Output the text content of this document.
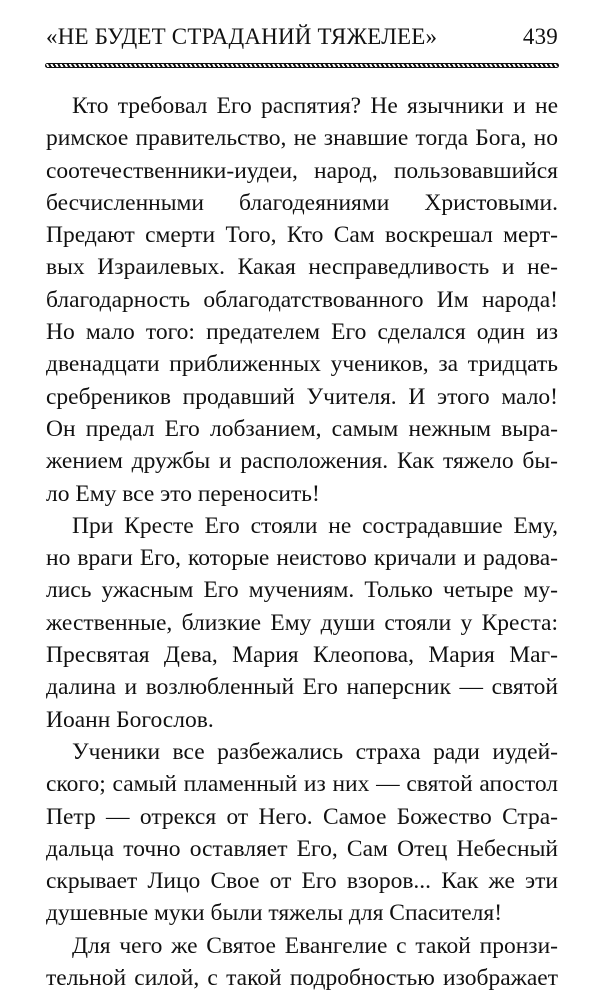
«НЕ БУДЕТ СТРАДАНИЙ ТЯЖЕЛЕЕ»	439
Кто требовал Его распятия? Не язычники и не
римское правительство, не знавшие тогда Бога, но
соотечественники-иудеи, народ, пользовавшийся
бесчисленными благодеяниями Христовыми.
Предают смерти Того, Кто Сам воскрешал мерт-
вых Израилевых. Какая несправедливость и не-
благодарность облагодатствованного Им народа!
Но мало того: предателем Его сделался один из
двенадцати приближенных учеников, за тридцать
сребреников продавший Учителя. И этого мало!
Он предал Его лобзанием, самым нежным выра-
жением дружбы и расположения. Как тяжело бы-
ло Ему все это переносить!
При Кресте Его стояли не сострадавшие Ему,
но враги Его, которые неистово кричали и радова-
лись ужасным Его мучениям. Только четыре му-
жественные, близкие Ему души стояли у Креста:
Пресвятая Дева, Мария Клеопова, Мария Маг-
далина и возлюбленный Его наперсник — святой
Иоанн Богослов.
Ученики все разбежались страха ради иудей-
ского; самый пламенный из них — святой апостол
Петр — отрекся от Него. Самое Божество Стра-
дальца точно оставляет Его, Сам Отец Небесный
скрывает Лицо Свое от Его взоров... Как же эти
душевные муки были тяжелы для Спасителя!
Для чего же Святое Евангелие с такой пронзи-
тельной силой, с такой подробностью изображает
